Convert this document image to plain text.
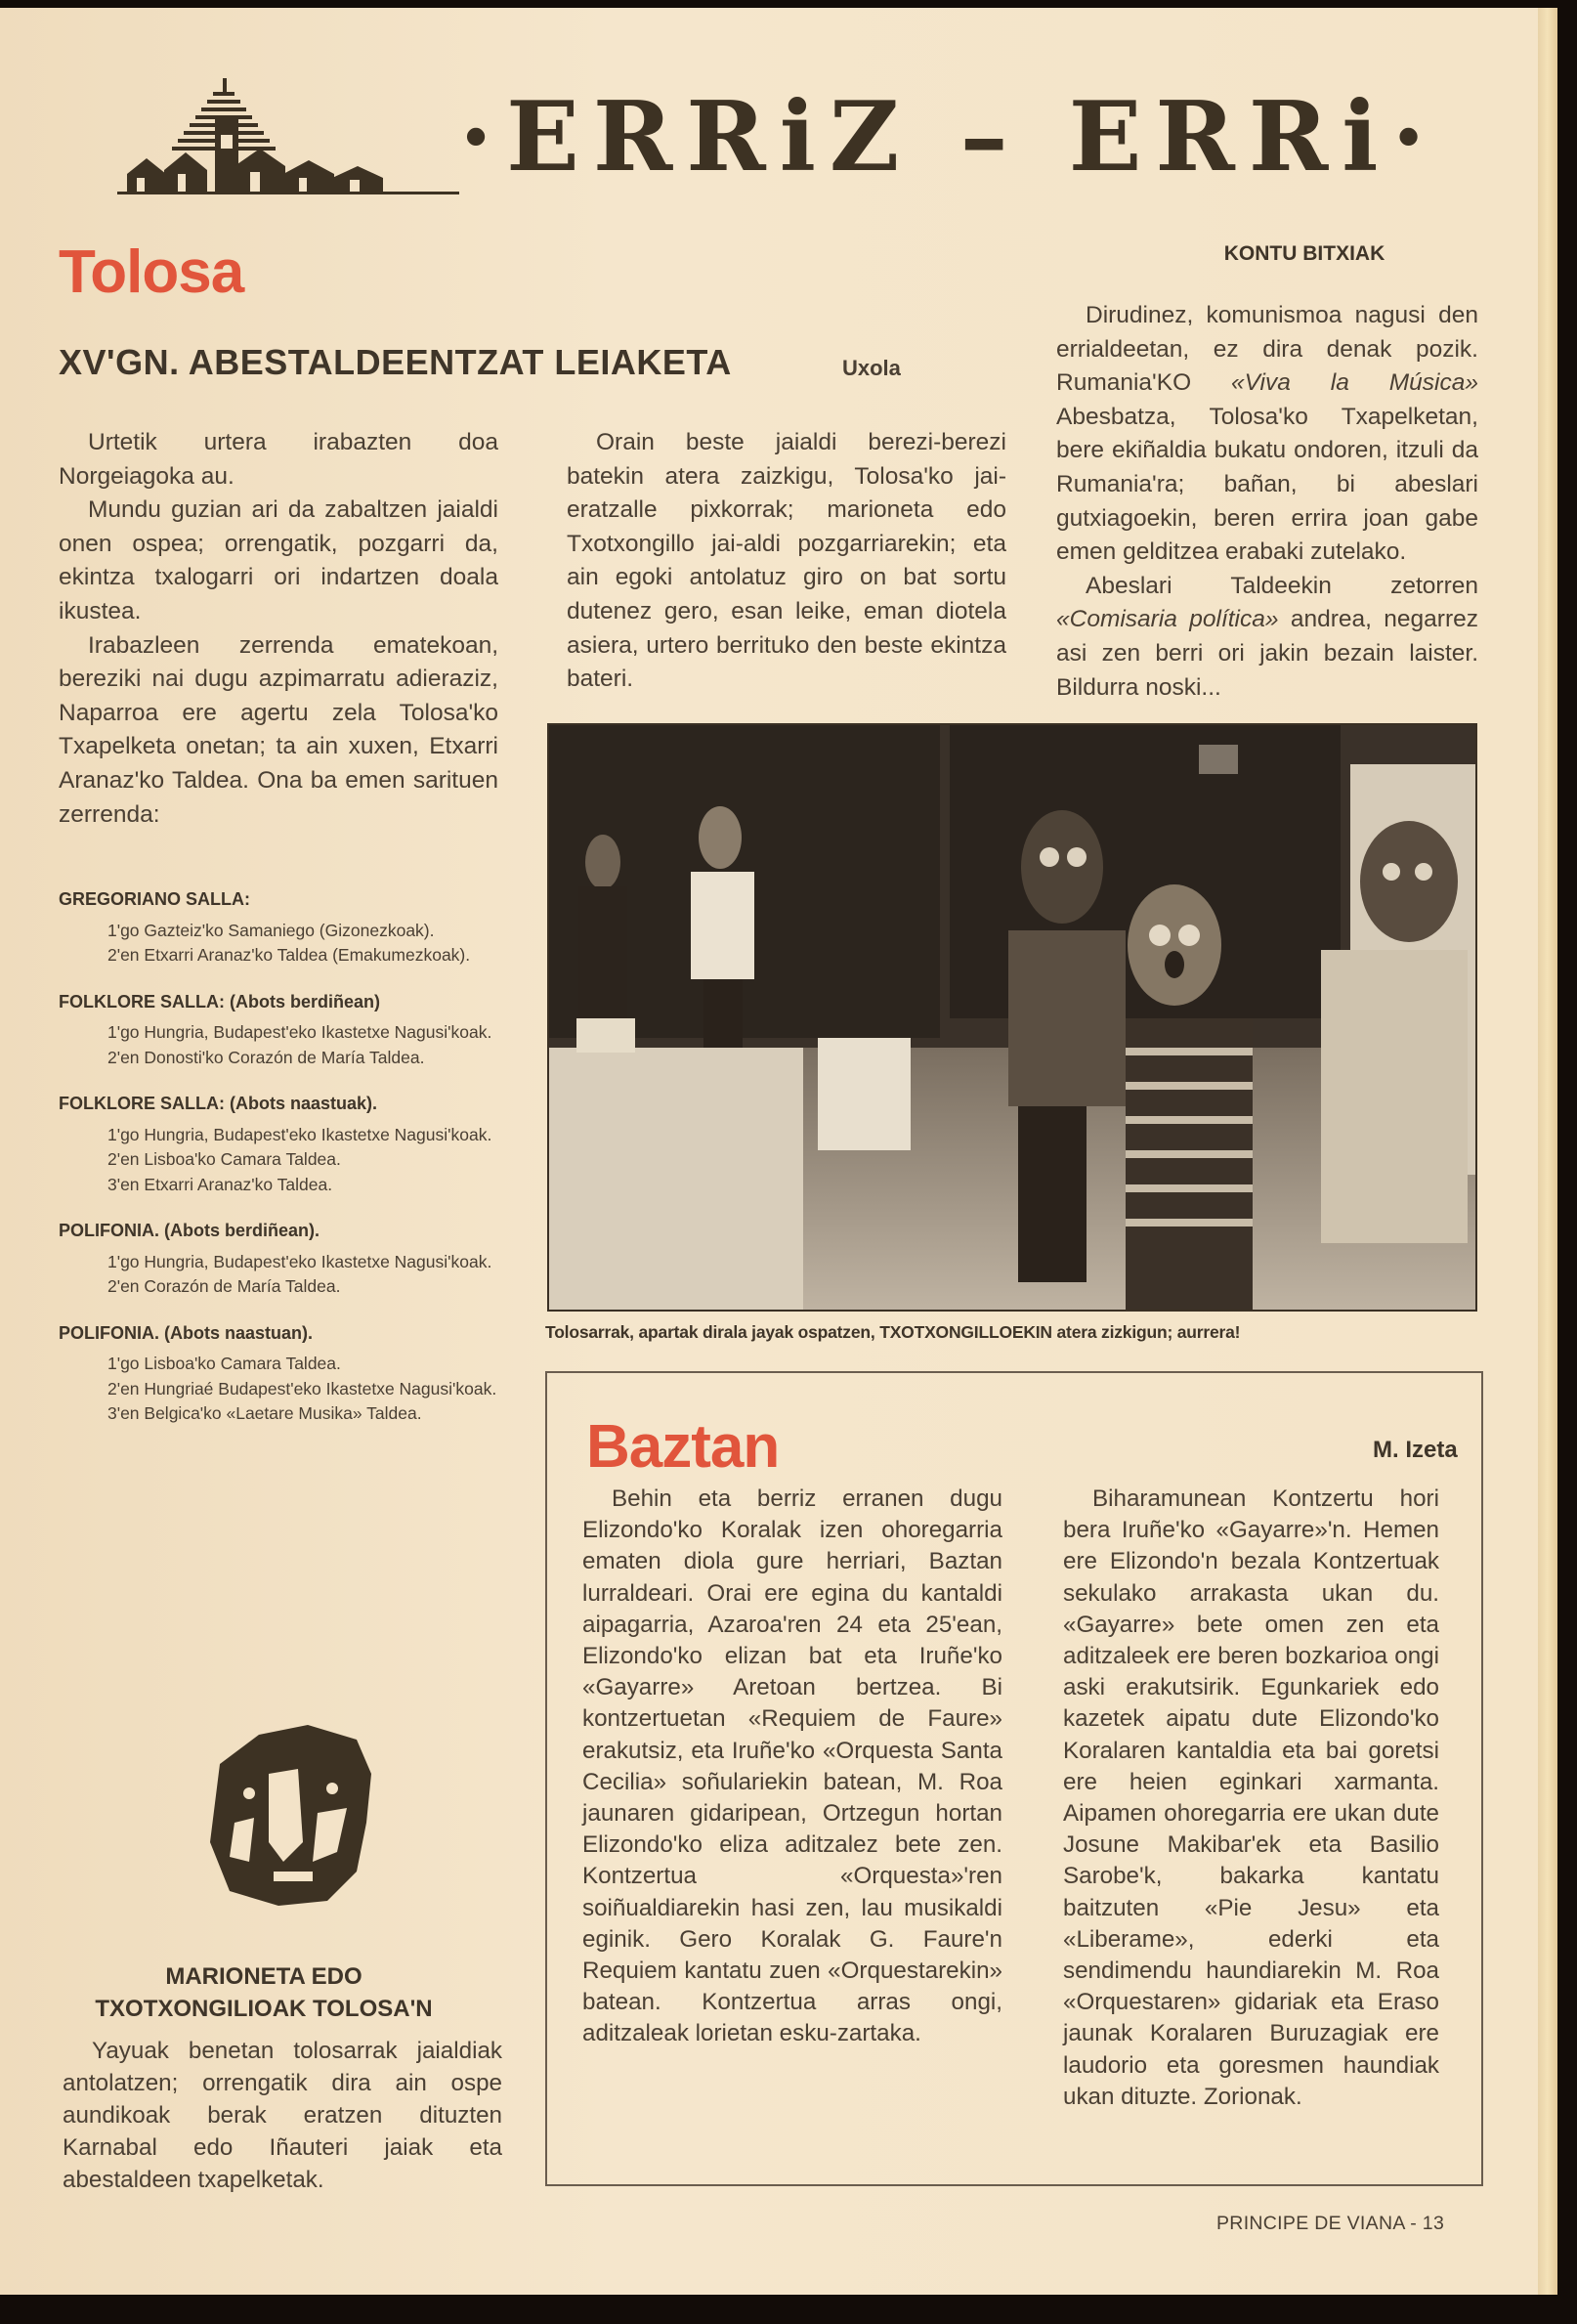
·ERRiZ – ERRi·
Tolosa
XV'GN. ABESTALDEENTZAT LEIAKETA	Uxola

Urtetik urtera irabazten doa Norgeiagoka au.

Mundu guzian ari da zabaltzen jaialdi onen ospea; orrengatik, pozgarri da, ekintza txalogarri ori indartzen doala ikustea.

Irabazleen zerrenda ematekoan, bereziki nai dugu azpimarratu adieraziz, Naparroa ere agertu zela Tolosa'ko Txapelketa onetan; ta ain xuxen, Etxarri Aranaz'ko Taldea. Ona ba emen sarituen zerrenda:

Orain beste jaialdi berezi-berezi batekin atera zaizkigu, Tolosa'ko jai-eratzalle pixkorrak; marioneta edo Txotxongillo jai-aldi pozgarriarekin; eta ain egoki antolatuz giro on bat sortu dutenez gero, esan leike, eman diotela asiera, urtero berrituko den beste ekintza bateri.

KONTU BITXIAK

Dirudinez, komunismoa nagusi den errialdeetan, ez dira denak pozik. Rumania'KO «Viva la Música» Abesbatza, Tolosa'ko Txapelketan, bere ekiñaldia bukatu ondoren, itzuli da Rumania'ra; bañan, bi abeslari gutxiagoekin, beren errira joan gabe emen gelditzea erabaki zutelako.

Abeslari Taldeekin zetorren «Comisaria política» andrea, negarrez asi zen berri ori jakin bezain laister. Bildurra noski...

GREGORIANO SALLA:
1'go Gazteiz'ko Samaniego (Gizonezkoak).
2'en Etxarri Aranaz'ko Taldea (Emakumezkoak).
FOLKLORE SALLA: (Abots berdiñean)
1'go Hungria, Budapest'eko Ikastetxe Nagusi'koak.
2'en Donosti'ko Corazón de María Taldea.
FOLKLORE SALLA: (Abots naastuak).
1'go Hungria, Budapest'eko Ikastetxe Nagusi'koak.
2'en Lisboa'ko Camara Taldea.
3'en Etxarri Aranaz'ko Taldea.
POLIFONIA. (Abots berdiñean).
1'go Hungria, Budapest'eko Ikastetxe Nagusi'koak.
2'en Corazón de María Taldea.
POLIFONIA. (Abots naastuan).
1'go Lisboa'ko Camara Taldea.
2'en Hungriaé Budapest'eko Ikastetxe Nagusi'koak.
3'en Belgica'ko «Laetare Musika» Taldea.
Tolosarrak, apartak dirala jayak ospatzen, TXOTXONGILLOEKIN atera zizkigun; aurrera!
MARIONETA EDO
TXOTXONGILIOAK TOLOSA'N

Yayuak benetan tolosarrak jaialdiak antolatzen; orrengatik dira ain ospe aundikoak berak eratzen dituzten Karnabal edo Iñauteri jaiak eta abestaldeen txapelketak.

Baztan	M. Izeta

Behin eta berriz erranen dugu Elizondo'ko Koralak izen ohoregarria ematen diola gure herriari, Baztan lurraldeari. Orai ere egina du kantaldi aipagarria, Azaroa'ren 24 eta 25'ean, Elizondo'ko elizan bat eta Iruñe'ko «Gayarre» Aretoan bertzea. Bi kontzertuetan «Requiem de Faure» erakutsiz, eta Iruñe'ko «Orquesta Santa Cecilia» soñulariekin batean, M. Roa jaunaren gidaripean, Ortzegun hortan Elizondo'ko eliza aditzalez bete zen. Kontzertua «Orquesta»'ren soiñualdiarekin hasi zen, lau musikaldi eginik. Gero Koralak G. Faure'n Requiem kantatu zuen «Orquestarekin» batean. Kontzertua arras ongi, aditzaleak lorietan esku-zartaka.

Biharamunean Kontzertu hori bera Iruñe'ko «Gayarre»'n. Hemen ere Elizondo'n bezala Kontzertuak sekulako arrakasta ukan du. «Gayarre» bete omen zen eta aditzaleek ere beren bozkarioa ongi aski erakutsirik. Egunkariek edo kazetek aipatu dute Elizondo'ko Koralaren kantaldia eta bai goretsi ere heien eginkari xarmanta. Aipamen ohoregarria ere ukan dute Josune Makibar'ek eta Basilio Sarobe'k, bakarka kantatu baitzuten «Pie Jesu» eta «Liberame», ederki eta sendimendu haundiarekin M. Roa «Orquestaren» gidariak eta Eraso jaunak Koralaren Buruzagiak ere laudorio eta goresmen haundiak ukan dituzte. Zorionak.

PRINCIPE DE VIANA - 13
